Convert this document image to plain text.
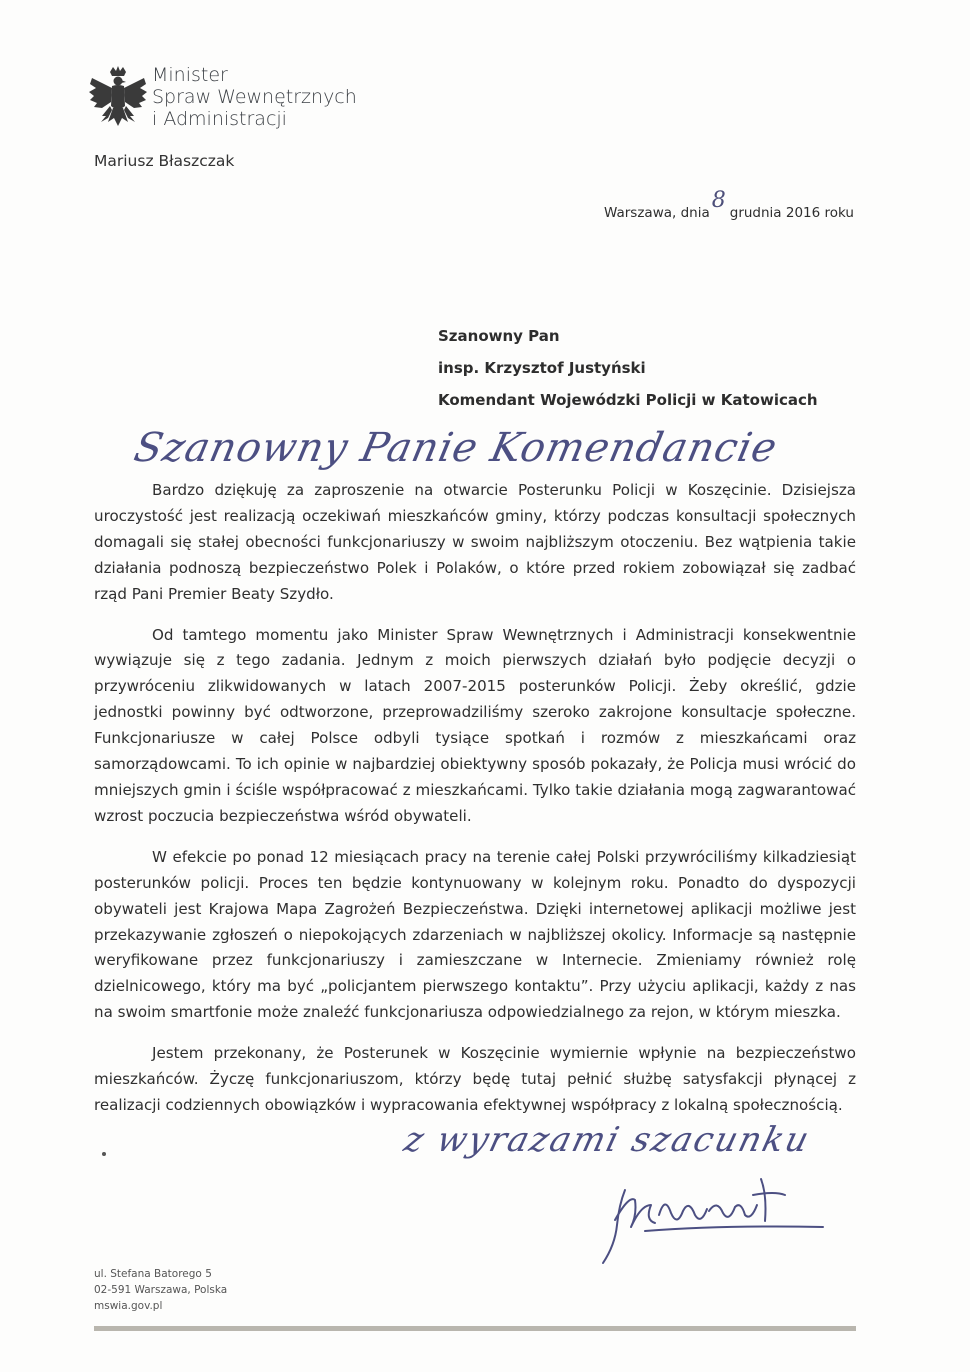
Minister
Spraw Wewnętrznych
i Administracji
Mariusz Błaszczak
Warszawa, dnia8 grudnia 2016 roku
Szanowny Pan
insp. Krzysztof Justyński
Komendant Wojewódzki Policji w Katowicach
Szanowny Panie Komendancie

Bardzo dziękuję za zaproszenie na otwarcie Posterunku Policji w Koszęcinie. Dzisiejsza uroczystość jest realizacją oczekiwań mieszkańców gminy, którzy podczas konsultacji społecznych domagali się stałej obecności funkcjonariuszy w swoim najbliższym otoczeniu. Bez wątpienia takie działania podnoszą bezpieczeństwo Polek i Polaków, o które przed rokiem zobowiązał się zadbać rząd Pani Premier Beaty Szydło.

Od tamtego momentu jako Minister Spraw Wewnętrznych i Administracji konsekwentnie wywiązuje się z tego zadania. Jednym z moich pierwszych działań było podjęcie decyzji o przywróceniu zlikwidowanych w latach 2007-2015 posterunków Policji. Żeby określić, gdzie jednostki powinny być odtworzone, przeprowadziliśmy szeroko zakrojone konsultacje społeczne. Funkcjonariusze w całej Polsce odbyli tysiące spotkań i rozmów z mieszkańcami oraz samorządowcami. To ich opinie w najbardziej obiektywny sposób pokazały, że Policja musi wrócić do mniejszych gmin i ściśle współpracować z mieszkańcami. Tylko takie działania mogą zagwarantować wzrost poczucia bezpieczeństwa wśród obywateli.

W efekcie po ponad 12 miesiącach pracy na terenie całej Polski przywróciliśmy kilkadziesiąt posterunków policji. Proces ten będzie kontynuowany w kolejnym roku. Ponadto do dyspozycji obywateli jest Krajowa Mapa Zagrożeń Bezpieczeństwa. Dzięki internetowej aplikacji możliwe jest przekazywanie zgłoszeń o niepokojących zdarzeniach w najbliższej okolicy. Informacje są następnie weryfikowane przez funkcjonariuszy i zamieszczane w Internecie. Zmieniamy również rolę dzielnicowego, który ma być „policjantem pierwszego kontaktu”. Przy użyciu aplikacji, każdy z nas na swoim smartfonie może znaleźć funkcjonariusza odpowiedzialnego za rejon, w którym mieszka.

Jestem przekonany, że Posterunek w Koszęcinie wymiernie wpłynie na bezpieczeństwo mieszkańców. Życzę funkcjonariuszom, którzy będę tutaj pełnić służbę satysfakcji płynącej z realizacji codziennych obowiązków i wypracowania efektywnej współpracy z lokalną społecznością.

z wyrazami szacunku
ul. Stefana Batorego 5
02-591 Warszawa, Polska
mswia.gov.pl
